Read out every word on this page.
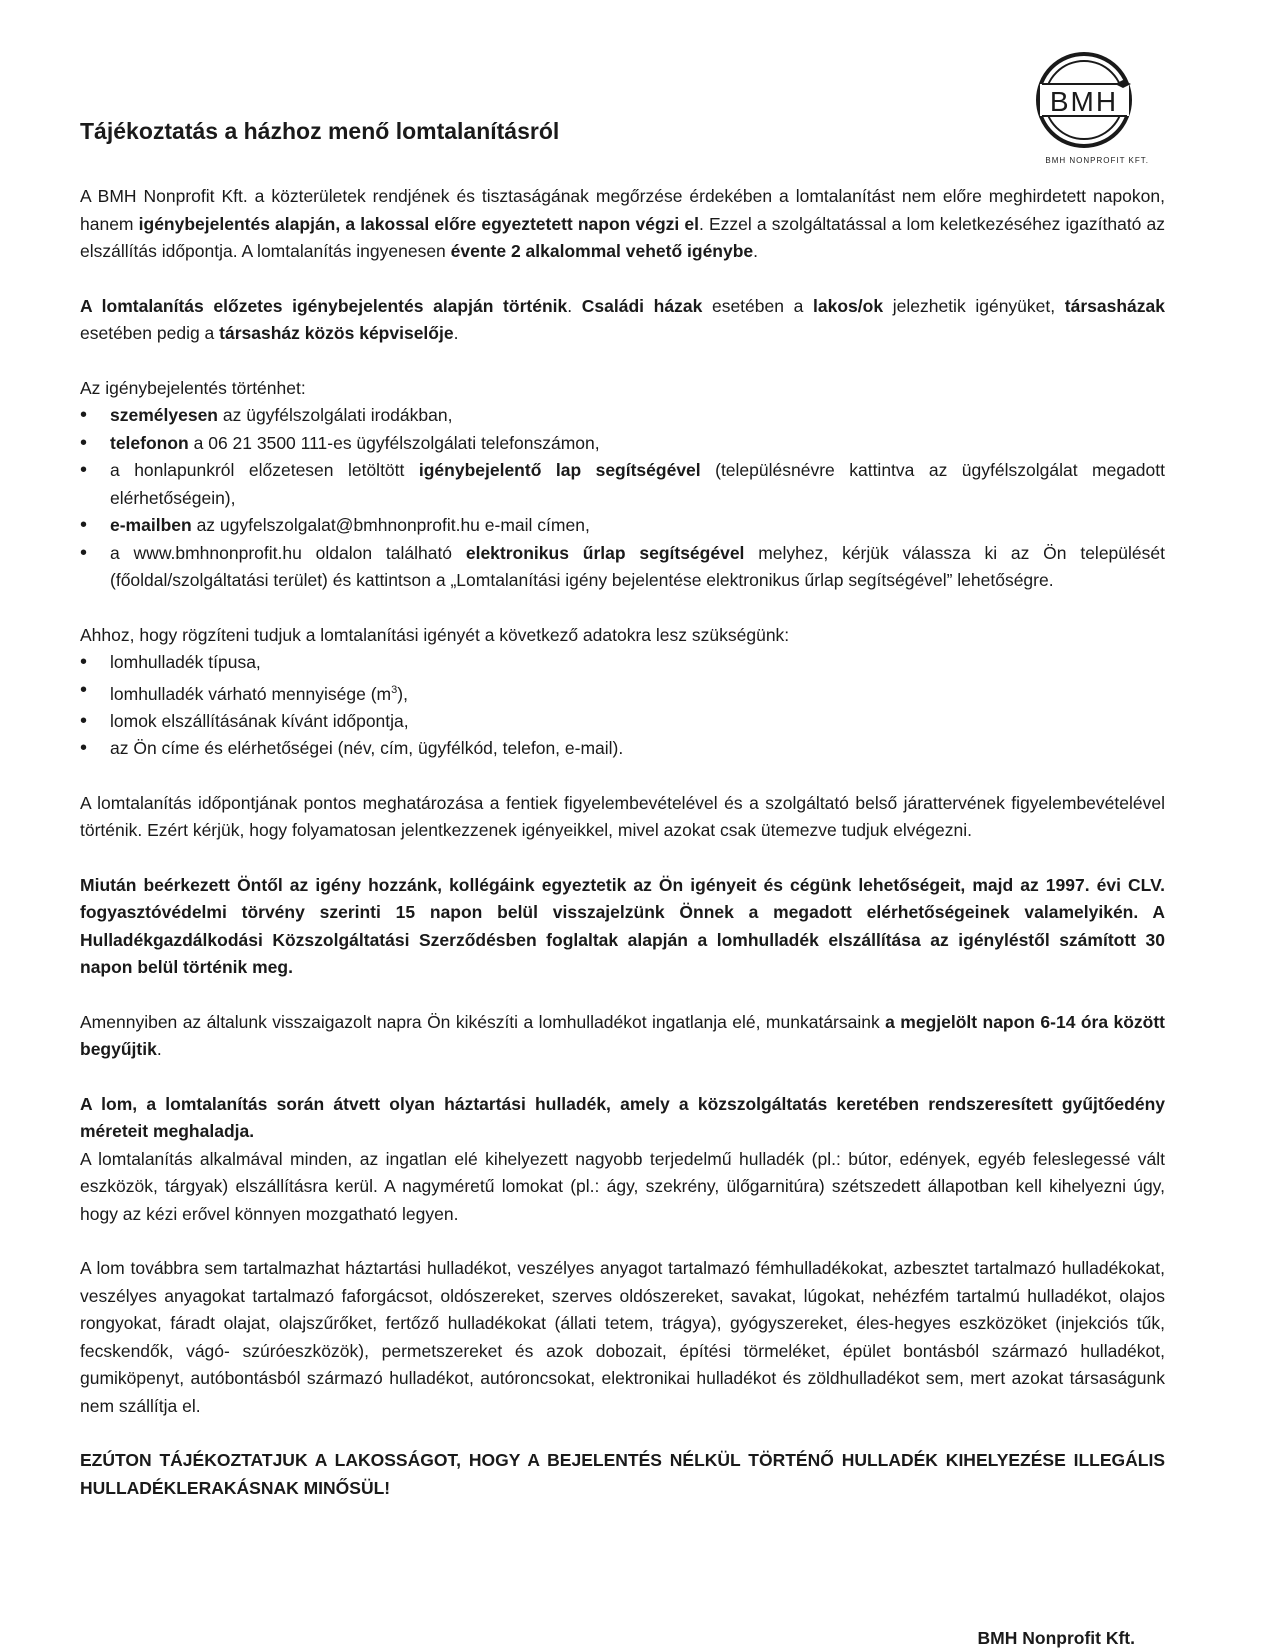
BMH
BMH NONPROFIT KFT.
Tájékoztatás a házhoz menő lomtalanításról

A BMH Nonprofit Kft. a közterületek rendjének és tisztaságának megőrzése érdekében a lomtalanítást nem előre meghirdetett napokon, hanem igénybejelentés alapján, a lakossal előre egyeztetett napon végzi el. Ezzel a szolgáltatással a lom keletkezéséhez igazítható az elszállítás időpontja. A lomtalanítás ingyenesen évente 2 alkalommal vehető igénybe.

A lomtalanítás előzetes igénybejelentés alapján történik. Családi házak esetében a lakos/ok jelezhetik igényüket, társasházak esetében pedig a társasház közös képviselője.

Az igénybejelentés történhet:

• személyesen az ügyfélszolgálati irodákban,
• telefonon a 06 21 3500 111-es ügyfélszolgálati telefonszámon,
• a honlapunkról előzetesen letöltött igénybejelentő lap segítségével (településnévre kattintva az ügyfélszolgálat megadott elérhetőségein),
• e-mailben az ugyfelszolgalat@bmhnonprofit.hu e-mail címen,
• a www.bmhnonprofit.hu oldalon található elektronikus űrlap segítségével melyhez, kérjük válassza ki az Ön települését (főoldal/szolgáltatási terület) és kattintson a „Lomtalanítási igény bejelentése elektronikus űrlap segítségével” lehetőségre.

Ahhoz, hogy rögzíteni tudjuk a lomtalanítási igényét a következő adatokra lesz szükségünk:

• lomhulladék típusa,
• lomhulladék várható mennyisége $(m^3)$,
• lomok elszállításának kívánt időpontja,
• az Ön címe és elérhetőségei (név, cím, ügyfélkód, telefon, e-mail).

A lomtalanítás időpontjának pontos meghatározása a fentiek figyelembevételével és a szolgáltató belső járattervének figyelembevételével történik. Ezért kérjük, hogy folyamatosan jelentkezzenek igényeikkel, mivel azokat csak ütemezve tudjuk elvégezni.

Miután beérkezett Öntől az igény hozzánk, kollégáink egyeztetik az Ön igényeit és cégünk lehetőségeit, majd az 1997. évi CLV. fogyasztóvédelmi törvény szerinti 15 napon belül visszajelzünk Önnek a megadott elérhetőségeinek valamelyikén. A Hulladékgazdálkodási Közszolgáltatási Szerződésben foglaltak alapján a lomhulladék elszállítása az igényléstől számított 30 napon belül történik meg.

Amennyiben az általunk visszaigazolt napra Ön kikészíti a lomhulladékot ingatlanja elé, munkatársaink a megjelölt napon 6-14 óra között begyűjtik.

A lom, a lomtalanítás során átvett olyan háztartási hulladék, amely a közszolgáltatás keretében rendszeresített gyűjtőedény méreteit meghaladja.

A lomtalanítás alkalmával minden, az ingatlan elé kihelyezett nagyobb terjedelmű hulladék (pl.: bútor, edények, egyéb feleslegessé vált eszközök, tárgyak) elszállításra kerül. A nagyméretű lomokat (pl.: ágy, szekrény, ülőgarnitúra) szétszedett állapotban kell kihelyezni úgy, hogy az kézi erővel könnyen mozgatható legyen.

A lom továbbra sem tartalmazhat háztartási hulladékot, veszélyes anyagot tartalmazó fémhulladékokat, azbesztet tartalmazó hulladékokat, veszélyes anyagokat tartalmazó faforgácsot, oldószereket, szerves oldószereket, savakat, lúgokat, nehézfém tartalmú hulladékot, olajos rongyokat, fáradt olajat, olajszűrőket, fertőző hulladékokat (állati tetem, trágya), gyógyszereket, éles-hegyes eszközöket (injekciós tűk, fecskendők, vágó- szúróeszközök), permetszereket és azok dobozait, építési törmeléket, épület bontásból származó hulladékot, gumiköpenyt, autóbontásból származó hulladékot, autóroncsokat, elektronikai hulladékot és zöldhulladékot sem, mert azokat társaságunk nem szállítja el.

EZÚTON TÁJÉKOZTATJUK A LAKOSSÁGOT, HOGY A BEJELENTÉS NÉLKÜL TÖRTÉNŐ HULLADÉK KIHELYEZÉSE ILLEGÁLIS HULLADÉKLERAKÁSNAK MINŐSÜL!

BMH Nonprofit Kft.
